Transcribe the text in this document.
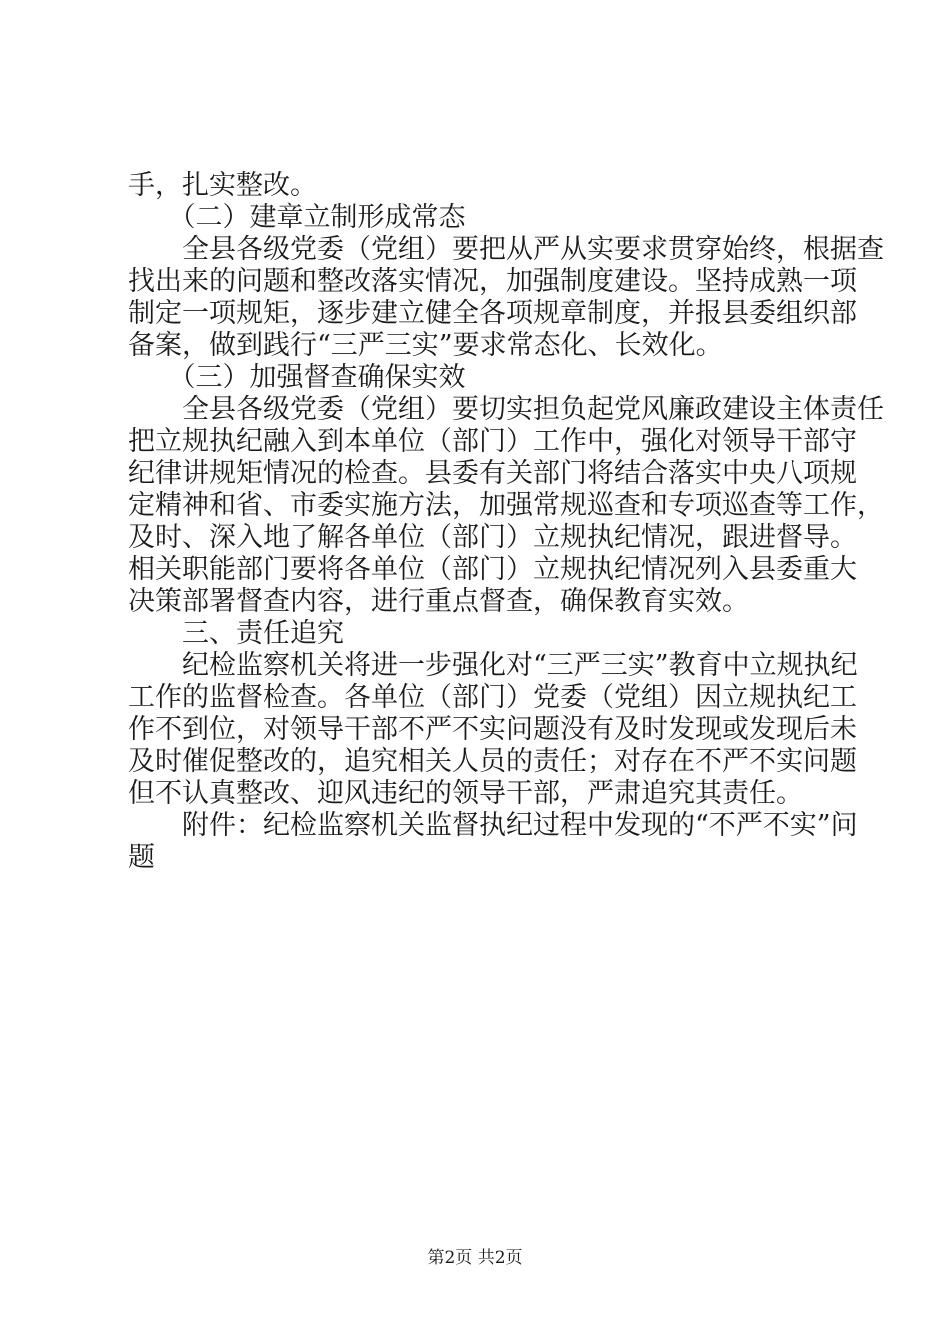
手，扎实整改。
　　（二）建章立制形成常态
　　全县各级党委（党组）要把从严从实要求贯穿始终，根据查
找出来的问题和整改落实情况，加强制度建设。坚持成熟一项
制定一项规矩，逐步建立健全各项规章制度，并报县委组织部
备案，做到践行“三严三实”要求常态化、长效化。
　　（三）加强督查确保实效
　　全县各级党委（党组）要切实担负起党风廉政建设主体责任
把立规执纪融入到本单位（部门）工作中，强化对领导干部守
纪律讲规矩情况的检查。县委有关部门将结合落实中央八项规
定精神和省、市委实施方法，加强常规巡查和专项巡查等工作，
及时、深入地了解各单位（部门）立规执纪情况，跟进督导。
相关职能部门要将各单位（部门）立规执纪情况列入县委重大
决策部署督查内容，进行重点督查，确保教育实效。
　　三、责任追究
　　纪检监察机关将进一步强化对“三严三实”教育中立规执纪
工作的监督检查。各单位（部门）党委（党组）因立规执纪工
作不到位，对领导干部不严不实问题没有及时发现或发现后未
及时催促整改的，追究相关人员的责任；对存在不严不实问题
但不认真整改、迎风违纪的领导干部，严肃追究其责任。
　　附件：纪检监察机关监督执纪过程中发现的“不严不实”问
题
第2页 共2页
